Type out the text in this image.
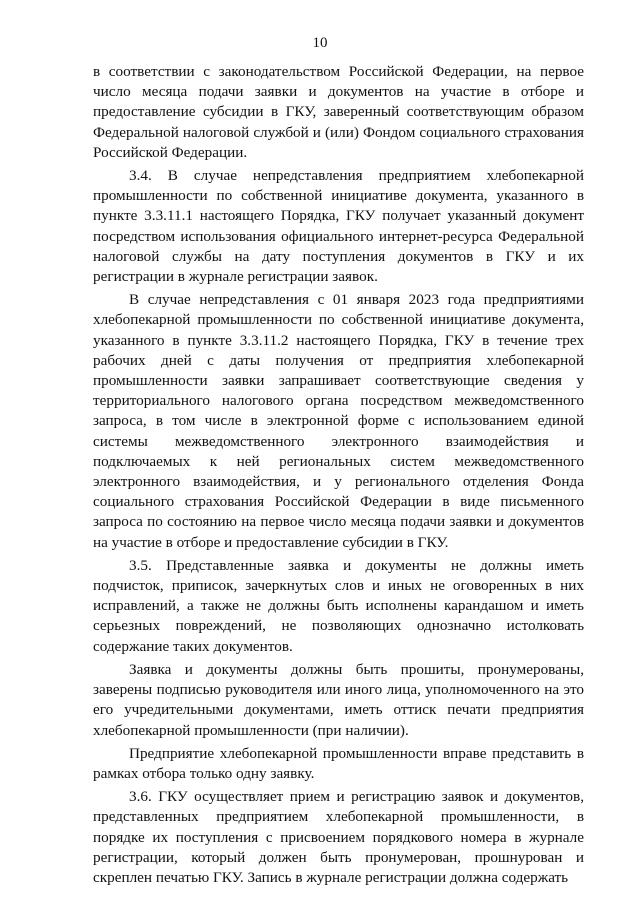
10

в соответствии с законодательством Российской Федерации, на первое число месяца подачи заявки и документов на участие в отборе и предоставление субсидии в ГКУ, заверенный соответствующим образом Федеральной налоговой службой и (или) Фондом социального страхования Российской Федерации.

3.4. В случае непредставления предприятием хлебопекарной промышленности по собственной инициативе документа, указанного в пункте 3.3.11.1 настоящего Порядка, ГКУ получает указанный документ посредством использования официального интернет-ресурса Федеральной налоговой службы на дату поступления документов в ГКУ и их регистрации в журнале регистрации заявок.

В случае непредставления с 01 января 2023 года предприятиями хлебопекарной промышленности по собственной инициативе документа, указанного в пункте 3.3.11.2 настоящего Порядка, ГКУ в течение трех рабочих дней с даты получения от предприятия хлебопекарной промышленности заявки запрашивает соответствующие сведения у территориального налогового органа посредством межведомственного запроса, в том числе в электронной форме с использованием единой системы межведомственного электронного взаимодействия и подключаемых к ней региональных систем межведомственного электронного взаимодействия, и у регионального отделения Фонда социального страхования Российской Федерации в виде письменного запроса по состоянию на первое число месяца подачи заявки и документов на участие в отборе и предоставление субсидии в ГКУ.

3.5. Представленные заявка и документы не должны иметь подчисток, приписок, зачеркнутых слов и иных не оговоренных в них исправлений, а также не должны быть исполнены карандашом и иметь серьезных повреждений, не позволяющих однозначно истолковать содержание таких документов.

Заявка и документы должны быть прошиты, пронумерованы, заверены подписью руководителя или иного лица, уполномоченного на это его учредительными документами, иметь оттиск печати предприятия хлебопекарной промышленности (при наличии).

Предприятие хлебопекарной промышленности вправе представить в рамках отбора только одну заявку.

3.6. ГКУ осуществляет прием и регистрацию заявок и документов, представленных предприятием хлебопекарной промышленности, в порядке их поступления с присвоением порядкового номера в журнале регистрации, который должен быть пронумерован, прошнурован и скреплен печатью ГКУ. Запись в журнале регистрации должна содержать
